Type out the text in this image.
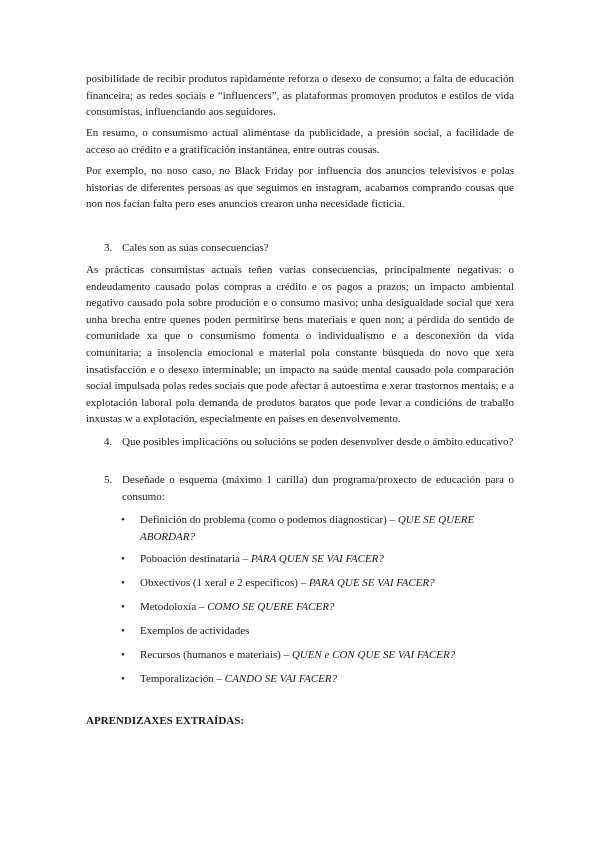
posibilidade de recibir produtos rapidamente reforza o desexo de consumo; a falta de educación financeira; as redes sociais e “influencers”, as plataformas promoven produtos e estilos de vida consumistas, influenciando aos seguidores.

En resumo, o consumismo actual aliméntase da publicidade, a presión social, a facilidade de acceso ao crédito e a gratificación instantánea, entre outras cousas.

Por exemplo, no noso caso, no Black Friday por influencia dos anuncios televisivos e polas historias de diferentes persoas as que seguimos en instagram, acabamos comprando cousas que non nos facían falta pero eses anuncios crearon unha necesidade ficticia.

3. Cales son as súas consecuencias?

As prácticas consumistas actuais teñen varias consecuencias, principalmente negativas: o endeudamento causado polas compras a crédito e os pagos a prazos; un impacto ambiental negativo causado pola sobre produción e o consumo masivo; unha desigualdade social que xera unha brecha entre quenes poden permitirse bens materiais e quen non; a pérdida do sentido de comunidade xa que o consumismo fomenta o individualismo e a desconexión da vida comunitaria; a insolencia emocional e material pola constante búsqueda do novo que xera insatisfacción e o desexo interminable; un impacto na saúde mental causado pola comparación social impulsada polas redes sociais que pode afectar á autoestima e xerar trastornos mentais; e a explotación laboral pola demanda de produtos baratos que pode levar a condicións de traballo inxustas w a explotación, especialmente en países en desenvolvemento.

4. Que posibles implicacións ou solucións se poden desenvolver desde o ámbito educativo?

5. Deseñade o esquema (máximo 1 carilla) dun programa/proxecto de educación para o consumo:

•	Definición do problema (como o podemos diagnosticar) – QUE SE QUERE ABORDAR?

•	Poboación destinataria – PARA QUEN SE VAI FACER?

•	Obxectivos (1 xeral e 2 específicos) – PARA QUE SE VAI FACER?

•	Metodoloxía – COMO SE QUERE FACER?

•	Exemplos de actividades

•	Recursos (humanos e materiais) – QUEN e CON QUE SE VAI FACER?

•	Temporalización – CANDO SE VAI FACER?

APRENDIZAXES EXTRAÍDAS:
